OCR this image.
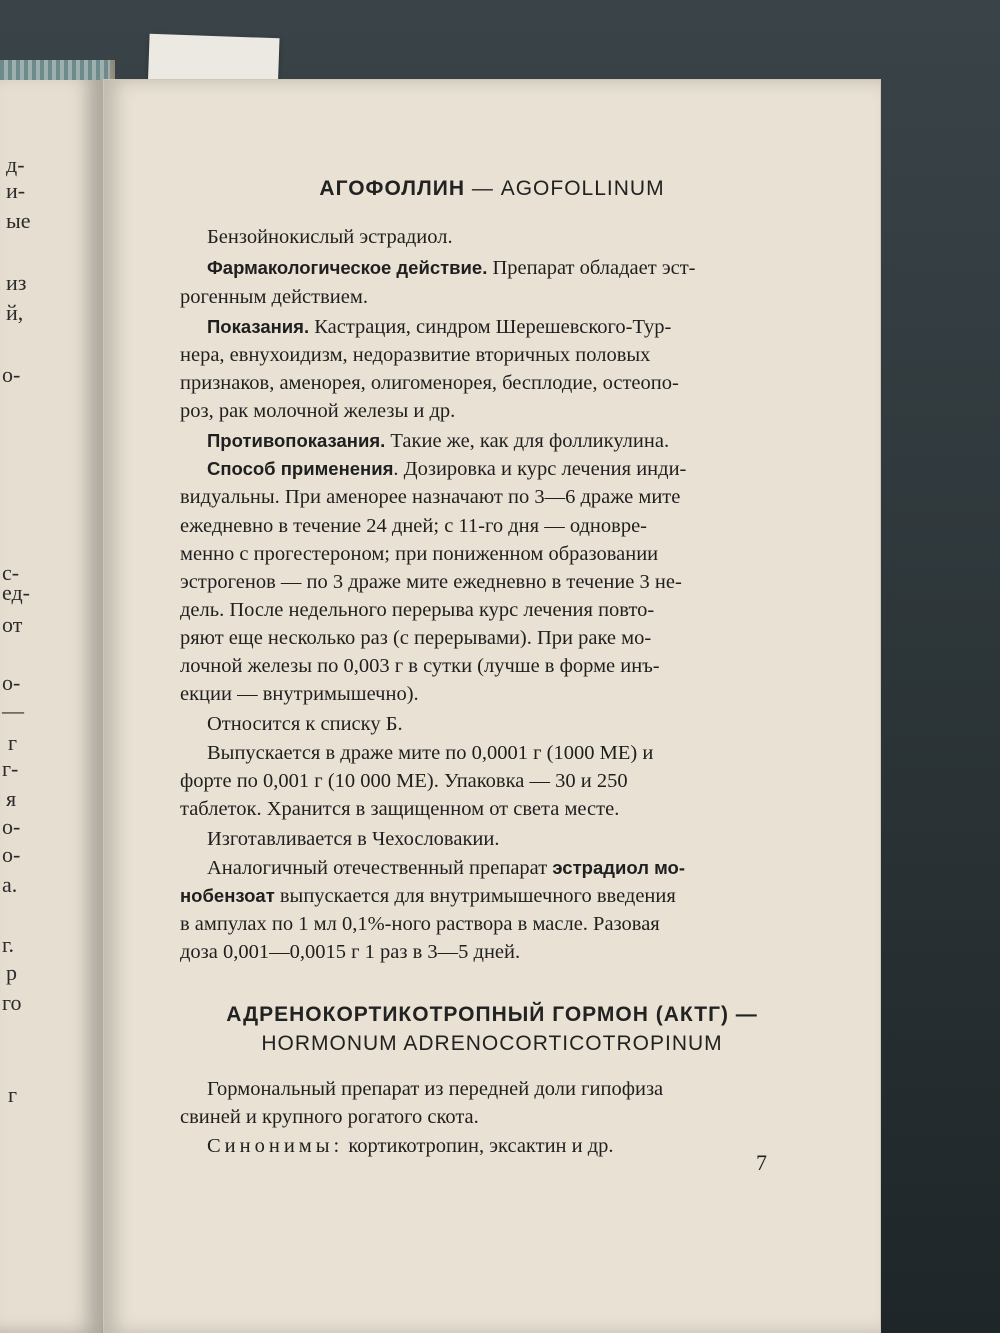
д-
и-
ые
из
й,
о-
с-
ед-
от
о-
—
г
г-
я
о-
о-
а.
г.
р
го
г
АГОФОЛЛИН — AGOFOLLINUM
Бензойнокислый эстрадиол.
Фармакологическое действие. Препарат обладает эст-
рогенным действием.
Показания. Кастрация, синдром Шерешевского-Тур-
нера, евнухоидизм, недоразвитие вторичных половых
признаков, аменорея, олигоменорея, бесплодие, остеопо-
роз, рак молочной железы и др.
Противопоказания. Такие же, как для фолликулина.
Способ применения. Дозировка и курс лечения инди-
видуальны. При аменорее назначают по 3—6 драже мите
ежедневно в течение 24 дней; с 11-го дня — одновре-
менно с прогестероном; при пониженном образовании
эстрогенов — по 3 драже мите ежедневно в течение 3 не-
дель. После недельного перерыва курс лечения повто-
ряют еще несколько раз (с перерывами). При раке мо-
лочной железы по 0,003 г в сутки (лучше в форме инъ-
екции — внутримышечно).
Относится к списку Б.
Выпускается в драже мите по 0,0001 г (1000 МЕ) и
форте по 0,001 г (10 000 МЕ). Упаковка — 30 и 250
таблеток. Хранится в защищенном от света месте.
Изготавливается в Чехословакии.
Аналогичный отечественный препарат эстрадиол мо-
нобензоат выпускается для внутримышечного введения
в ампулах по 1 мл 0,1%-ного раствора в масле. Разовая
доза 0,001—0,0015 г 1 раз в 3—5 дней.
АДРЕНОКОРТИКОТРОПНЫЙ ГОРМОН (АКТГ) —
HORMONUM ADRENOCORTICOTROPINUM
Гормональный препарат из передней доли гипофиза
свиней и крупного рогатого скота.
Синонимы: кортикотропин, эксактин и др.
7
